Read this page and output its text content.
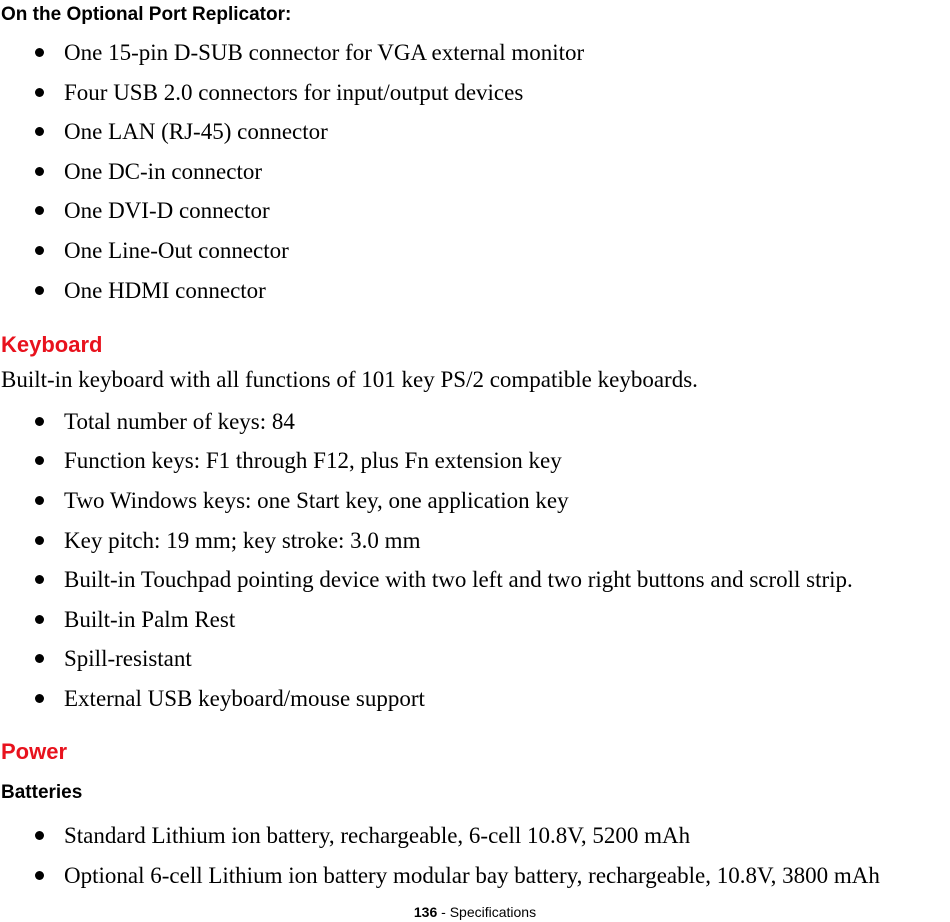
On the Optional Port Replicator:
One 15-pin D-SUB connector for VGA external monitor
Four USB 2.0 connectors for input/output devices
One LAN (RJ-45) connector
One DC-in connector
One DVI-D connector
One Line-Out connector
One HDMI connector
Keyboard

Built-in keyboard with all functions of 101 key PS/2 compatible keyboards.

Total number of keys: 84
Function keys: F1 through F12, plus Fn extension key
Two Windows keys: one Start key, one application key
Key pitch: 19 mm; key stroke: 3.0 mm
Built-in Touchpad pointing device with two left and two right buttons and scroll strip.
Built-in Palm Rest
Spill-resistant
External USB keyboard/mouse support
Power
Batteries
Standard Lithium ion battery, rechargeable, 6-cell 10.8V, 5200 mAh
Optional 6-cell Lithium ion battery modular bay battery, rechargeable, 10.8V, 3800 mAh
136 - Specifications
